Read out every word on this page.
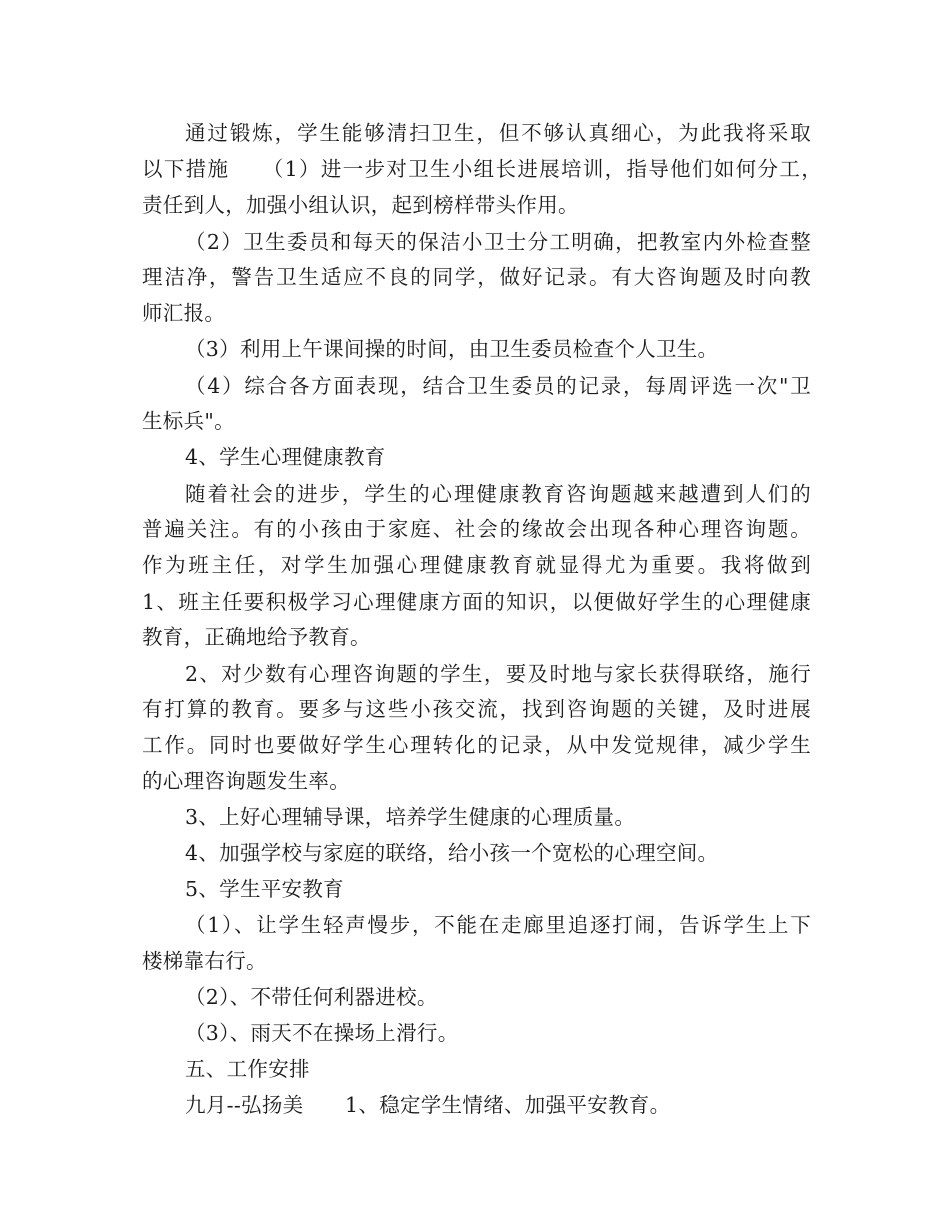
通过锻炼，学生能够清扫卫生，但不够认真细心，为此我将采取
以下措施　　（1）进一步对卫生小组长进展培训，指导他们如何分工，
责任到人，加强小组认识，起到榜样带头作用。
（2）卫生委员和每天的保洁小卫士分工明确，把教室内外检查整
理洁净，警告卫生适应不良的同学，做好记录。有大咨询题及时向教
师汇报。
（3）利用上午课间操的时间，由卫生委员检查个人卫生。
（4）综合各方面表现，结合卫生委员的记录，每周评选一次"卫
生标兵"。
4、学生心理健康教育
随着社会的进步，学生的心理健康教育咨询题越来越遭到人们的
普遍关注。有的小孩由于家庭、社会的缘故会出现各种心理咨询题。
作为班主任，对学生加强心理健康教育就显得尤为重要。我将做到
1、班主任要积极学习心理健康方面的知识，以便做好学生的心理健康
教育，正确地给予教育。
2、对少数有心理咨询题的学生，要及时地与家长获得联络，施行
有打算的教育。要多与这些小孩交流，找到咨询题的关键，及时进展
工作。同时也要做好学生心理转化的记录，从中发觉规律，减少学生
的心理咨询题发生率。
3、上好心理辅导课，培养学生健康的心理质量。
4、加强学校与家庭的联络，给小孩一个宽松的心理空间。
5、学生平安教育
（1）、让学生轻声慢步，不能在走廊里追逐打闹，告诉学生上下
楼梯靠右行。
（2）、不带任何利器进校。
（3）、雨天不在操场上滑行。
五、工作安排
九月--弘扬美　　1、稳定学生情绪、加强平安教育。
